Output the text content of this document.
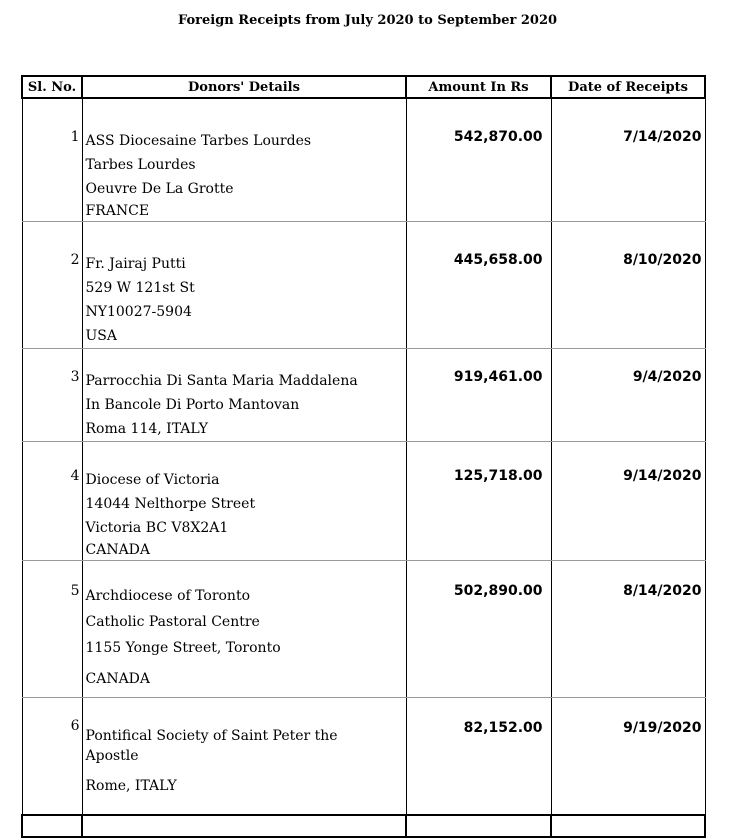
Foreign Receipts from July 2020 to September 2020
Sl. No.	Donors' Details	Amount In Rs	Date of Receipts
1	ASS Diocesaine Tarbes Lourdes
Tarbes Lourdes
Oeuvre De La Grotte
FRANCE	542,870.00	7/14/2020
2	Fr. Jairaj Putti
529 W 121st St
NY10027-5904
USA	445,658.00	8/10/2020
3	Parrocchia Di Santa Maria Maddalena
In Bancole Di Porto Mantovan
Roma 114, ITALY	919,461.00	9/4/2020
4	Diocese of Victoria
14044 Nelthorpe Street
Victoria BC V8X2A1
CANADA	125,718.00	9/14/2020
5	Archdiocese of Toronto
Catholic Pastoral Centre
1155 Yonge Street, Toronto
CANADA	502,890.00	8/14/2020
6	Pontifical Society of Saint Peter the
Apostle
Rome, ITALY	82,152.00	9/19/2020
